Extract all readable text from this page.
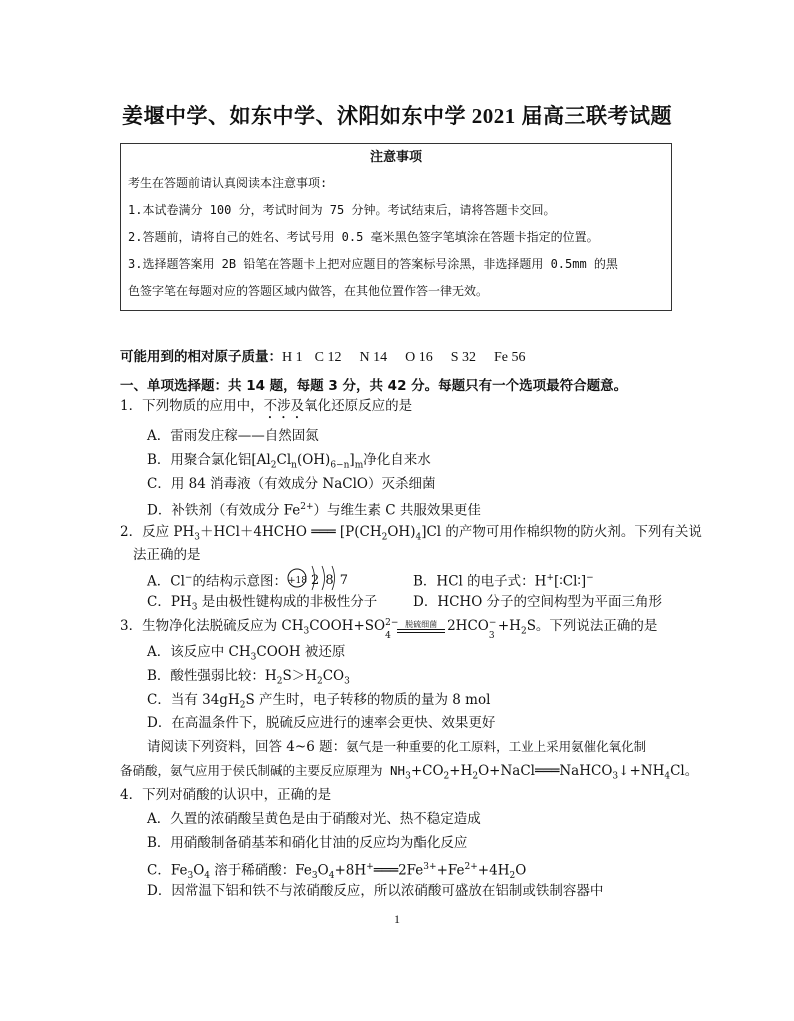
姜堰中学、如东中学、沭阳如东中学 2021 届高三联考试题
注意事项
考生在答题前请认真阅读本注意事项:
1.本试卷满分 100 分，考试时间为 75 分钟。考试结束后，请将答题卡交回。
2.答题前，请将自己的姓名、考试号用 0.5 毫米黑色签字笔填涂在答题卡指定的位置。
3.选择题答案用 2B 铅笔在答题卡上把对应题目的答案标号涂黑，非选择题用 0.5mm 的黑
色签字笔在每题对应的答题区域内做答，在其他位置作答一律无效。
可能用到的相对原子质量：H 1 C 12 N 14 O 16 S 32 Fe 56
一、单项选择题：共 14 题，每题 3 分，共 42 分。每题只有一个选项最符合题意。
1．下列物质的应用中，不涉及氧化还原反应的是
A．雷雨发庄稼——自然固氮
B．用聚合氯化铝$[Al_2Cl_n(OH)_{6-n}]_m$净化自来水
C．用 84 消毒液（有效成分 NaClO）灭杀细菌
D．补铁剂（有效成分 $Fe^{2+}$）与维生素 C 共服效果更佳
2．反应 $PH_3+HCl+4HCHO$ ═══ $[P(CH_2OH)_4]Cl$ 的产物可用作棉织物的防火剂。下列有关说
法正确的是
A．Cl−的结构示意图： +18 2 8 7	B．HCl 的电子式：H+[∶Cl∶]−
C．$PH_3$ 是由极性键构成的非极性分子	D．HCHO 分子的空间构型为平面三角形
3．生物净化法脱硫反应为 $CH_3COOH+SO$ 2−
4
脱硫细菌 2HCO −
3
$+H_2S$。下列说法正确的是
A．该反应中 $CH_3COOH$ 被还原
B．酸性强弱比较：$H_2S>H_2CO_3$
C．当有 $34gH_2S$ 产生时，电子转移的物质的量为 8 mol
D．在高温条件下，脱硫反应进行的速率会更快、效果更好
请阅读下列资料，回答 4~6 题：氨气是一种重要的化工原料，工业上采用氨催化氧化制
备硝酸，氨气应用于侯氏制碱的主要反应原理为 $NH_3+CO_2+H_2O+NaCl═══NaHCO_3↓+NH_4Cl$。
4．下列对硝酸的认识中，正确的是
A．久置的浓硝酸呈黄色是由于硝酸对光、热不稳定造成
B．用硝酸制备硝基苯和硝化甘油的反应均为酯化反应
C．$Fe_3O_4$ 溶于稀硝酸：$Fe_3O_4+8H^+═══2Fe^{3+}+Fe^{2+}+4H_2O$
D．因常温下铝和铁不与浓硝酸反应，所以浓硝酸可盛放在铝制或铁制容器中
1
